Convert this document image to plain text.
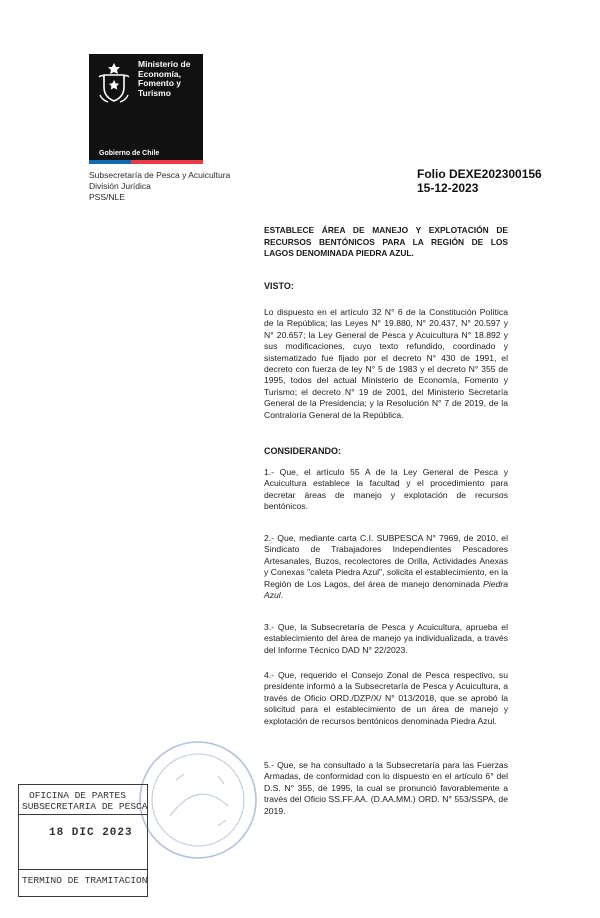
Ministerio de
Economía,
Fomento y
Turismo
Gobierno de Chile
Subsecretaría de Pesca y Acuicultura
División Jurídica
PSS/NLE
Folio DEXE202300156
15-12-2023
ESTABLECE ÁREA DE MANEJO Y EXPLOTACIÓN DE RECURSOS BENTÓNICOS PARA LA REGIÓN DE LOS LAGOS DENOMINADA PIEDRA AZUL.
VISTO:
Lo dispuesto en el artículo 32 N° 6 de la Constitución Política de la República; las Leyes N° 19.880, N° 20.437, N° 20.597 y N° 20.657; la Ley General de Pesca y Acuicultura N° 18.892 y sus modificaciones, cuyo texto refundido, coordinado y sistematizado fue fijado por el decreto N° 430 de 1991, el decreto con fuerza de ley N° 5 de 1983 y el decreto N° 355 de 1995, todos del actual Ministerio de Economía, Fomento y Turismo; el decreto N° 19 de 2001, del Ministerio Secretaría General de la Presidencia; y la Resolución N° 7 de 2019, de la Contraloría General de la República.
CONSIDERANDO:
1.- Que, el artículo 55 A de la Ley General de Pesca y Acuicultura establece la facultad y el procedimiento para decretar áreas de manejo y explotación de recursos bentónicos.
2.- Que, mediante carta C.I. SUBPESCA N° 7969, de 2010, el Sindicato de Trabajadores Independientes Pescadores Artesanales, Buzos, recolectores de Orilla, Actividades Anexas y Conexas "caleta Piedra Azul", solicita el establecimiento, en la Región de Los Lagos, del área de manejo denominada Piedra Azul.
3.- Que, la Subsecretaría de Pesca y Acuicultura, aprueba el establecimiento del área de manejo ya individualizada, a través del Informe Técnico DAD N° 22/2023.
4.- Que, requerido el Consejo Zonal de Pesca respectivo, su presidente informó a la Subsecretaría de Pesca y Acuicultura, a través de Oficio ORD./DZP/X/ N° 013/2018, que se aprobó la solicitud para el establecimiento de un área de manejo y explotación de recursos bentónicos denominada Piedra Azul.
5.- Que, se ha consultado a la Subsecretaría para las Fuerzas Armadas, de conformidad con lo dispuesto en el artículo 6° del D.S. N° 355, de 1995, la cual se pronunció favorablemente a través del Oficio SS.FF.AA. (D.AA.MM.) ORD. N° 553/SSPA, de 2019.
OFICINA DE PARTES
SUBSECRETARIA DE PESCA
18 DIC 2023
TERMINO DE TRAMITACION
